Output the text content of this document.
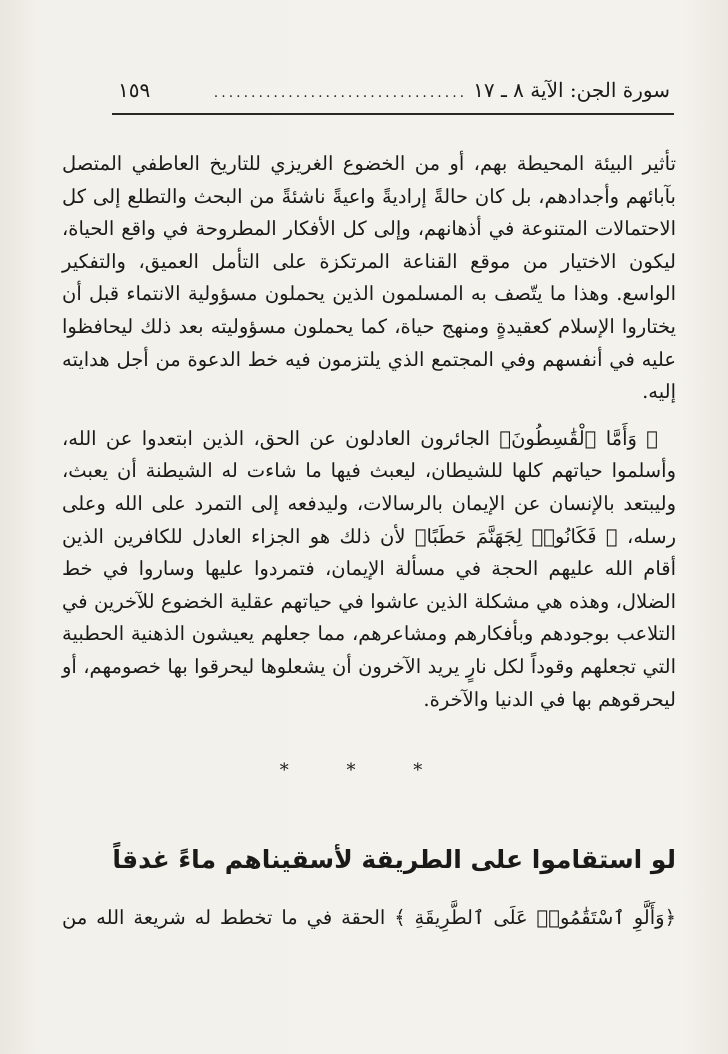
سورة الجن: الآية ٨ ـ ١٧
..................................
١٥٩

تأثير البيئة المحيطة بهم، أو من الخضوع الغريزي للتاريخ العاطفي المتصل بآبائهم وأجدادهم، بل كان حالةً إراديةً واعيةً ناشئةً من البحث والتطلع إلى كل الاحتمالات المتنوعة في أذهانهم، وإلى كل الأفكار المطروحة في واقع الحياة، ليكون الاختيار من موقع القناعة المرتكزة على التأمل العميق، والتفكير الواسع. وهذا ما يتّصف به المسلمون الذين يحملون مسؤولية الانتماء قبل أن يختاروا الإسلام كعقيدةٍ ومنهج حياة، كما يحملون مسؤوليته بعد ذلك ليحافظوا عليه في أنفسهم وفي المجتمع الذي يلتزمون فيه خط الدعوة من أجل هدايته إليه.

﴿ وَأَمَّا ٱلْقَٰسِطُونَ﴾ الجائرون العادلون عن الحق، الذين ابتعدوا عن الله، وأسلموا حياتهم كلها للشيطان، ليعبث فيها ما شاءت له الشيطنة أن يعبث، وليبتعد بالإنسان عن الإيمان بالرسالات، وليدفعه إلى التمرد على الله وعلى رسله، ﴿ فَكَانُوا۟ لِجَهَنَّمَ حَطَبًا﴾ لأن ذلك هو الجزاء العادل للكافرين الذين أقام الله عليهم الحجة في مسألة الإيمان، فتمردوا عليها وساروا في خط الضلال، وهذه هي مشكلة الذين عاشوا في حياتهم عقلية الخضوع للآخرين في التلاعب بوجودهم وبأفكارهم ومشاعرهم، مما جعلهم يعيشون الذهنية الحطبية التي تجعلهم وقوداً لكل نارٍ يريد الآخرون أن يشعلوها ليحرقوا بها خصومهم، أو ليحرقوهم بها في الدنيا والآخرة.

* * *
لو استقاموا على الطريقة لأسقيناهم ماءً غدقاً
﴿وَأَلَّوِ ٱسْتَقَٰمُوا۟ عَلَى ٱلطَّرِيقَةِ ﴾ الحقة في ما تخطط له شريعة الله من
